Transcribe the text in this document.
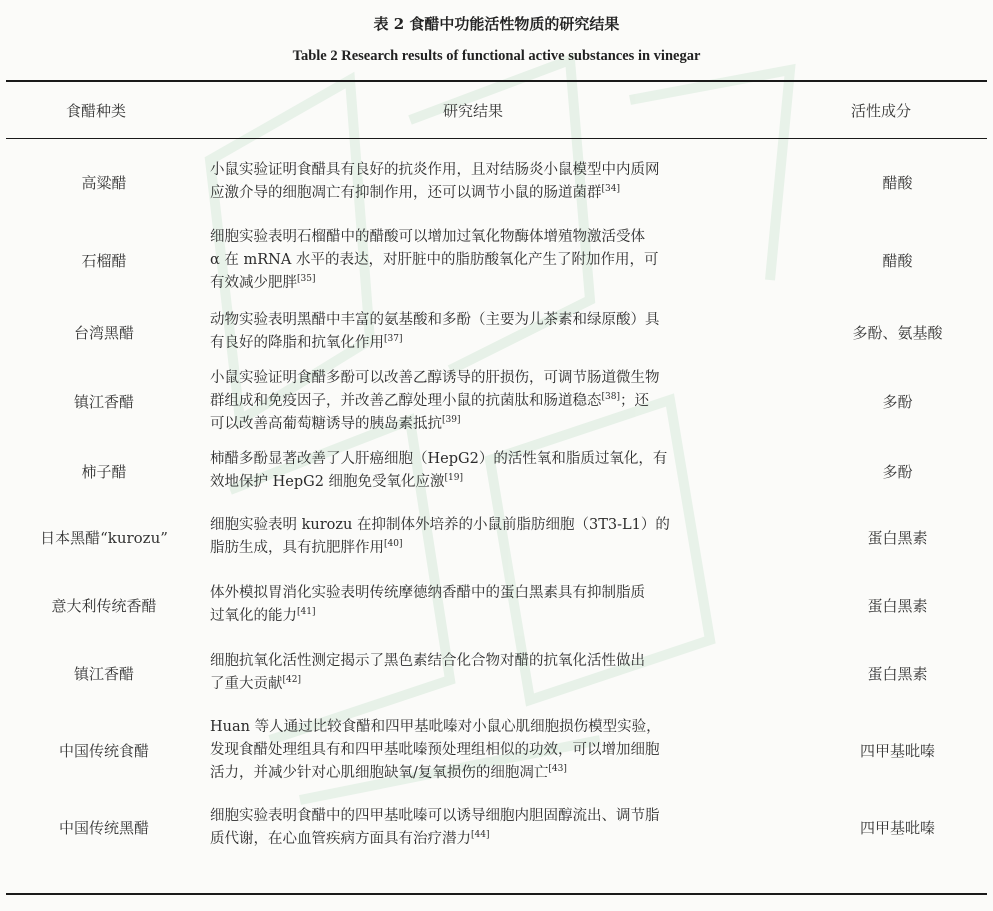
表 2 食醋中功能活性物质的研究结果
Table 2 Research results of functional active substances in vinegar
食醋种类	研究结果	活性成分
高粱醋	小鼠实验证明食醋具有良好的抗炎作用，且对结肠炎小鼠模型中内质网
应激介导的细胞凋亡有抑制作用，还可以调节小鼠的肠道菌群[34]	醋酸
石榴醋	细胞实验表明石榴醋中的醋酸可以增加过氧化物酶体增殖物激活受体
α 在 mRNA 水平的表达，对肝脏中的脂肪酸氧化产生了附加作用，可
有效减少肥胖[35]	醋酸
台湾黑醋	动物实验表明黑醋中丰富的氨基酸和多酚（主要为儿茶素和绿原酸）具
有良好的降脂和抗氧化作用[37]	多酚、氨基酸
镇江香醋	小鼠实验证明食醋多酚可以改善乙醇诱导的肝损伤，可调节肠道微生物
群组成和免疫因子，并改善乙醇处理小鼠的抗菌肽和肠道稳态[38]；还
可以改善高葡萄糖诱导的胰岛素抵抗[39]	多酚
柿子醋	柿醋多酚显著改善了人肝癌细胞（HepG2）的活性氧和脂质过氧化，有
效地保护 HepG2 细胞免受氧化应激[19]	多酚
日本黑醋“kurozu”	细胞实验表明 kurozu 在抑制体外培养的小鼠前脂肪细胞（3T3-L1）的
脂肪生成，具有抗肥胖作用[40]	蛋白黑素
意大利传统香醋	体外模拟胃消化实验表明传统摩德纳香醋中的蛋白黑素具有抑制脂质
过氧化的能力[41]	蛋白黑素
镇江香醋	细胞抗氧化活性测定揭示了黑色素结合化合物对醋的抗氧化活性做出
了重大贡献[42]	蛋白黑素
中国传统食醋	Huan 等人通过比较食醋和四甲基吡嗪对小鼠心肌细胞损伤模型实验，
发现食醋处理组具有和四甲基吡嗪预处理组相似的功效，可以增加细胞
活力，并减少针对心肌细胞缺氧/复氧损伤的细胞凋亡[43]	四甲基吡嗪
中国传统黑醋	细胞实验表明食醋中的四甲基吡嗪可以诱导细胞内胆固醇流出、调节脂
质代谢，在心血管疾病方面具有治疗潜力[44]	四甲基吡嗪
